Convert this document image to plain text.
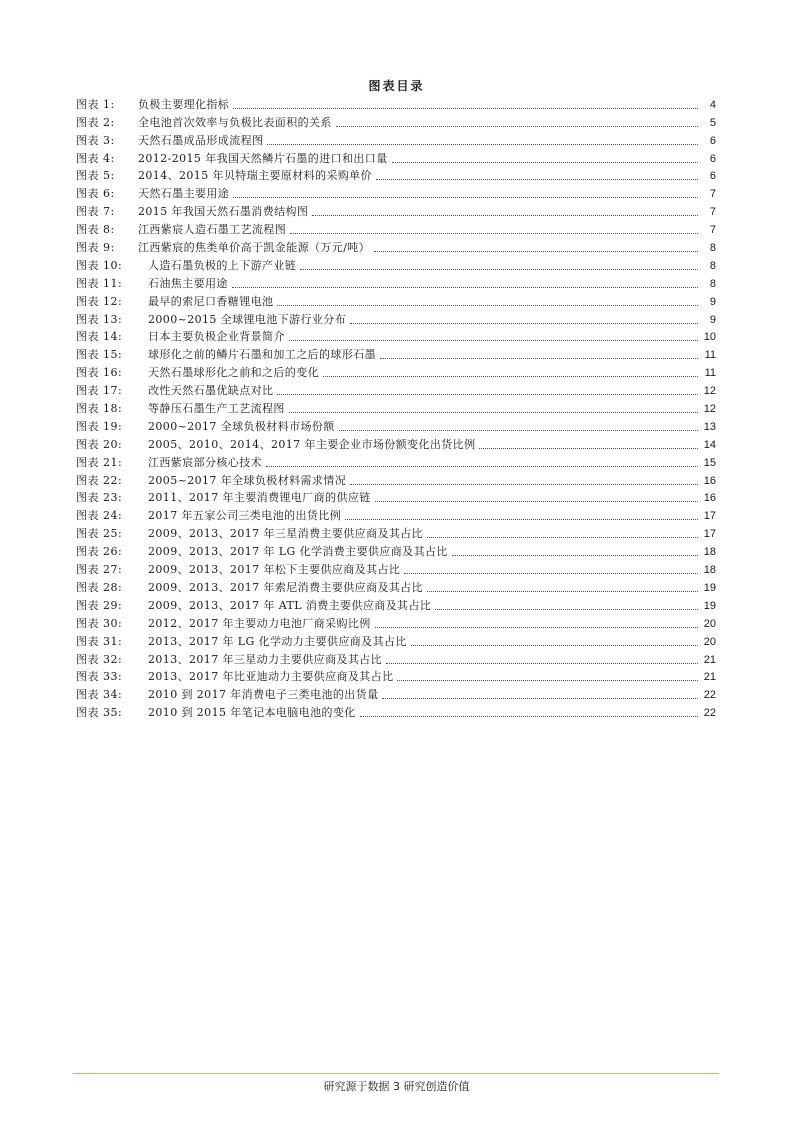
图表目录
图表 1:	负极主要理化指标	4
图表 2:	全电池首次效率与负极比表面积的关系	5
图表 3:	天然石墨成品形成流程图	6
图表 4:	2012-2015 年我国天然鳞片石墨的进口和出口量	6
图表 5:	2014、2015 年贝特瑞主要原材料的采购单价	6
图表 6:	天然石墨主要用途	7
图表 7:	2015 年我国天然石墨消费结构图	7
图表 8:	江西紫宸人造石墨工艺流程图	7
图表 9:	江西紫宸的焦类单价高于凯金能源（万元/吨）	8
图表 10:	人造石墨负极的上下游产业链	8
图表 11:	石油焦主要用途	8
图表 12:	最早的索尼口香糖锂电池	9
图表 13:	2000~2015 全球锂电池下游行业分布	9
图表 14:	日本主要负极企业背景简介	10
图表 15:	球形化之前的鳞片石墨和加工之后的球形石墨	11
图表 16:	天然石墨球形化之前和之后的变化	11
图表 17:	改性天然石墨优缺点对比	12
图表 18:	等静压石墨生产工艺流程图	12
图表 19:	2000~2017 全球负极材料市场份额	13
图表 20:	2005、2010、2014、2017 年主要企业市场份额变化出货比例	14
图表 21:	江西紫宸部分核心技术	15
图表 22:	2005~2017 年全球负极材料需求情况	16
图表 23:	2011、2017 年主要消费锂电厂商的供应链	16
图表 24:	2017 年五家公司三类电池的出货比例	17
图表 25:	2009、2013、2017 年三星消费主要供应商及其占比	17
图表 26:	2009、2013、2017 年 LG 化学消费主要供应商及其占比	18
图表 27:	2009、2013、2017 年松下主要供应商及其占比	18
图表 28:	2009、2013、2017 年索尼消费主要供应商及其占比	19
图表 29:	2009、2013、2017 年 ATL 消费主要供应商及其占比	19
图表 30:	2012、2017 年主要动力电池厂商采购比例	20
图表 31:	2013、2017 年 LG 化学动力主要供应商及其占比	20
图表 32:	2013、2017 年三星动力主要供应商及其占比	21
图表 33:	2013、2017 年比亚迪动力主要供应商及其占比	21
图表 34:	2010 到 2017 年消费电子三类电池的出货量	22
图表 35:	2010 到 2015 年笔记本电脑电池的变化	22
研究源于数据 3 研究创造价值
